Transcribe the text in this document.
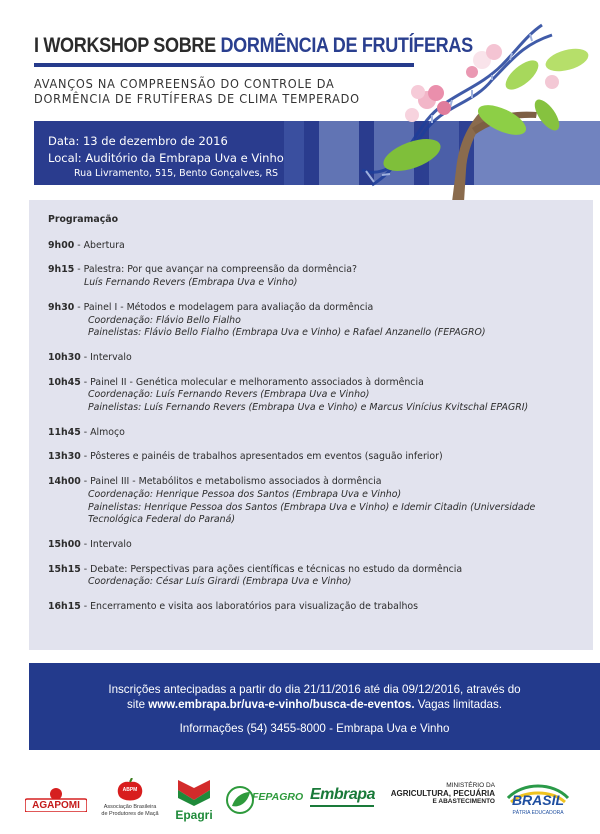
I WORKSHOP SOBRE DORMÊNCIA DE FRUTÍFERAS
AVANÇOS NA COMPREENSÃO DO CONTROLE DA
DORMÊNCIA DE FRUTÍFERAS DE CLIMA TEMPERADO
Data: 13 de dezembro de 2016
Local: Auditório da Embrapa Uva e Vinho
Rua Livramento, 515, Bento Gonçalves, RS
Programação
9h00 - Abertura
9h15 - Palestra: Por que avançar na compreensão da dormência?
Luís Fernando Revers (Embrapa Uva e Vinho)
9h30 - Painel I - Métodos e modelagem para avaliação da dormência
Coordenação: Flávio Bello Fialho
Painelistas: Flávio Bello Fialho (Embrapa Uva e Vinho) e Rafael Anzanello (FEPAGRO)
10h30 - Intervalo
10h45 - Painel II - Genética molecular e melhoramento associados à dormência
Coordenação: Luís Fernando Revers (Embrapa Uva e Vinho)
Painelistas: Luís Fernando Revers (Embrapa Uva e Vinho) e Marcus Vinícius Kvitschal EPAGRI)
11h45 - Almoço
13h30 - Pôsteres e painéis de trabalhos apresentados em eventos (saguão inferior)
14h00 - Painel III - Metabólitos e metabolismo associados à dormência
Coordenação: Henrique Pessoa dos Santos (Embrapa Uva e Vinho)
Painelistas: Henrique Pessoa dos Santos (Embrapa Uva e Vinho) e Idemir Citadin (Universidade
Tecnológica Federal do Paraná)
15h00 - Intervalo
15h15 - Debate: Perspectivas para ações científicas e técnicas no estudo da dormência
Coordenação: César Luís Girardi (Embrapa Uva e Vinho)
16h15 - Encerramento e visita aos laboratórios para visualização de trabalhos
Inscrições antecipadas a partir do dia 21/11/2016 até dia 09/12/2016, através do
site www.embrapa.br/uva-e-vinho/busca-de-eventos. Vagas limitadas.
Informações (54) 3455-8000 - Embrapa Uva e Vinho
AGAPOMI
ABPM
Associação Brasileira
de Produtores de Maçã	Epagri
FEPAGRO Embrapa
MINISTÉRIO DA
AGRICULTURA, PECUÁRIA
E ABASTECIMENTO	BRASIL
PÁTRIA EDUCADORA
